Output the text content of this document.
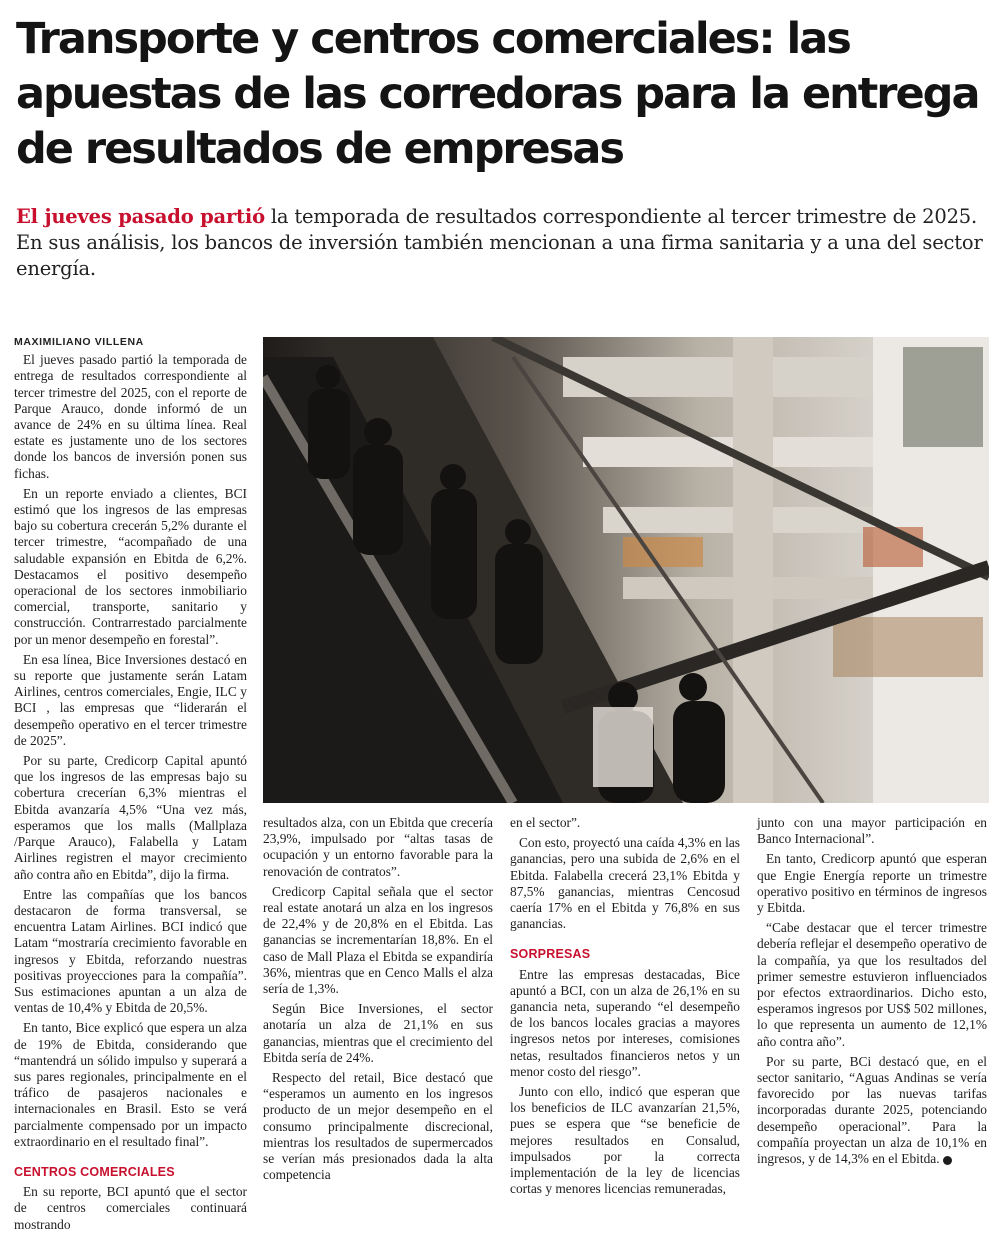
Transporte y centros comerciales: las apuestas de las corredoras para la entrega de resultados de empresas

El jueves pasado partió la temporada de resultados correspondiente al tercer trimestre de 2025. En sus análisis, los bancos de inversión también mencionan a una firma sanitaria y a una del sector energía.

MAXIMILIANO VILLENA

El jueves pasado partió la temporada de entrega de resultados correspondiente al tercer trimestre del 2025, con el reporte de Parque Arauco, donde informó de un avance de 24% en su última línea. Real estate es justamente uno de los sectores donde los bancos de inversión ponen sus fichas.

En un reporte enviado a clientes, BCI estimó que los ingresos de las empresas bajo su cobertura crecerán 5,2% durante el tercer trimestre, “acompañado de una saludable expansión en Ebitda de 6,2%. Destacamos el positivo desempeño operacional de los sectores inmobiliario comercial, transporte, sanitario y construcción. Contrarrestado parcialmente por un menor desempeño en forestal”.

En esa línea, Bice Inversiones destacó en su reporte que justamente serán Latam Airlines, centros comerciales, Engie, ILC y BCI , las empresas que “liderarán el desempeño operativo en el tercer trimestre de 2025”.

Por su parte, Credicorp Capital apuntó que los ingresos de las empresas bajo su cobertura crecerían 6,3% mientras el Ebitda avanzaría 4,5% “Una vez más, esperamos que los malls (Mallplaza /Parque Arauco), Falabella y Latam Airlines registren el mayor crecimiento año contra año en Ebitda”, dijo la firma.

Entre las compañías que los bancos destacaron de forma transversal, se encuentra Latam Airlines. BCI indicó que Latam “mostraría crecimiento favorable en ingresos y Ebitda, reforzando nuestras positivas proyecciones para la compañía”. Sus estimaciones apuntan a un alza de ventas de 10,4% y Ebitda de 20,5%.

En tanto, Bice explicó que espera un alza de 19% de Ebitda, considerando que “mantendrá un sólido impulso y superará a sus pares regionales, principalmente en el tráfico de pasajeros nacionales e internacionales en Brasil. Esto se verá parcialmente compensado por un impacto extraordinario en el resultado final”.

CENTROS COMERCIALES

En su reporte, BCI apuntó que el sector de centros comerciales continuará mostrando

resultados alza, con un Ebitda que crecería 23,9%, impulsado por “altas tasas de ocupación y un entorno favorable para la renovación de contratos”.

Credicorp Capital señala que el sector real estate anotará un alza en los ingresos de 22,4% y de 20,8% en el Ebitda. Las ganancias se incrementarían 18,8%. En el caso de Mall Plaza el Ebitda se expandiría 36%, mientras que en Cenco Malls el alza sería de 1,3%.

Según Bice Inversiones, el sector anotaría un alza de 21,1% en sus ganancias, mientras que el crecimiento del Ebitda sería de 24%.

Respecto del retail, Bice destacó que “esperamos un aumento en los ingresos producto de un mejor desempeño en el consumo principalmente discrecional, mientras los resultados de supermercados se verían más presionados dada la alta competencia

en el sector”.

Con esto, proyectó una caída 4,3% en las ganancias, pero una subida de 2,6% en el Ebitda. Falabella crecerá 23,1% Ebitda y 87,5% ganancias, mientras Cencosud caería 17% en el Ebitda y 76,8% en sus ganancias.

SORPRESAS

Entre las empresas destacadas, Bice apuntó a BCI, con un alza de 26,1% en su ganancia neta, superando “el desempeño de los bancos locales gracias a mayores ingresos netos por intereses, comisiones netas, resultados financieros netos y un menor costo del riesgo”.

Junto con ello, indicó que esperan que los beneficios de ILC avanzarían 21,5%, pues se espera que “se beneficie de mejores resultados en Consalud, impulsados por la correcta implementación de la ley de licencias cortas y menores licencias remuneradas,

junto con una mayor participación en Banco Internacional”.

En tanto, Credicorp apuntó que esperan que Engie Energía reporte un trimestre operativo positivo en términos de ingresos y Ebitda.

“Cabe destacar que el tercer trimestre debería reflejar el desempeño operativo de la compañía, ya que los resultados del primer semestre estuvieron influenciados por efectos extraordinarios. Dicho esto, esperamos ingresos por US$ 502 millones, lo que representa un aumento de 12,1% año contra año”.

Por su parte, BCi destacó que, en el sector sanitario, “Aguas Andinas se vería favorecido por las nuevas tarifas incorporadas durante 2025, potenciando desempeño operacional”. Para la compañía proyectan un alza de 10,1% en ingresos, y de 14,3% en el Ebitda. P
